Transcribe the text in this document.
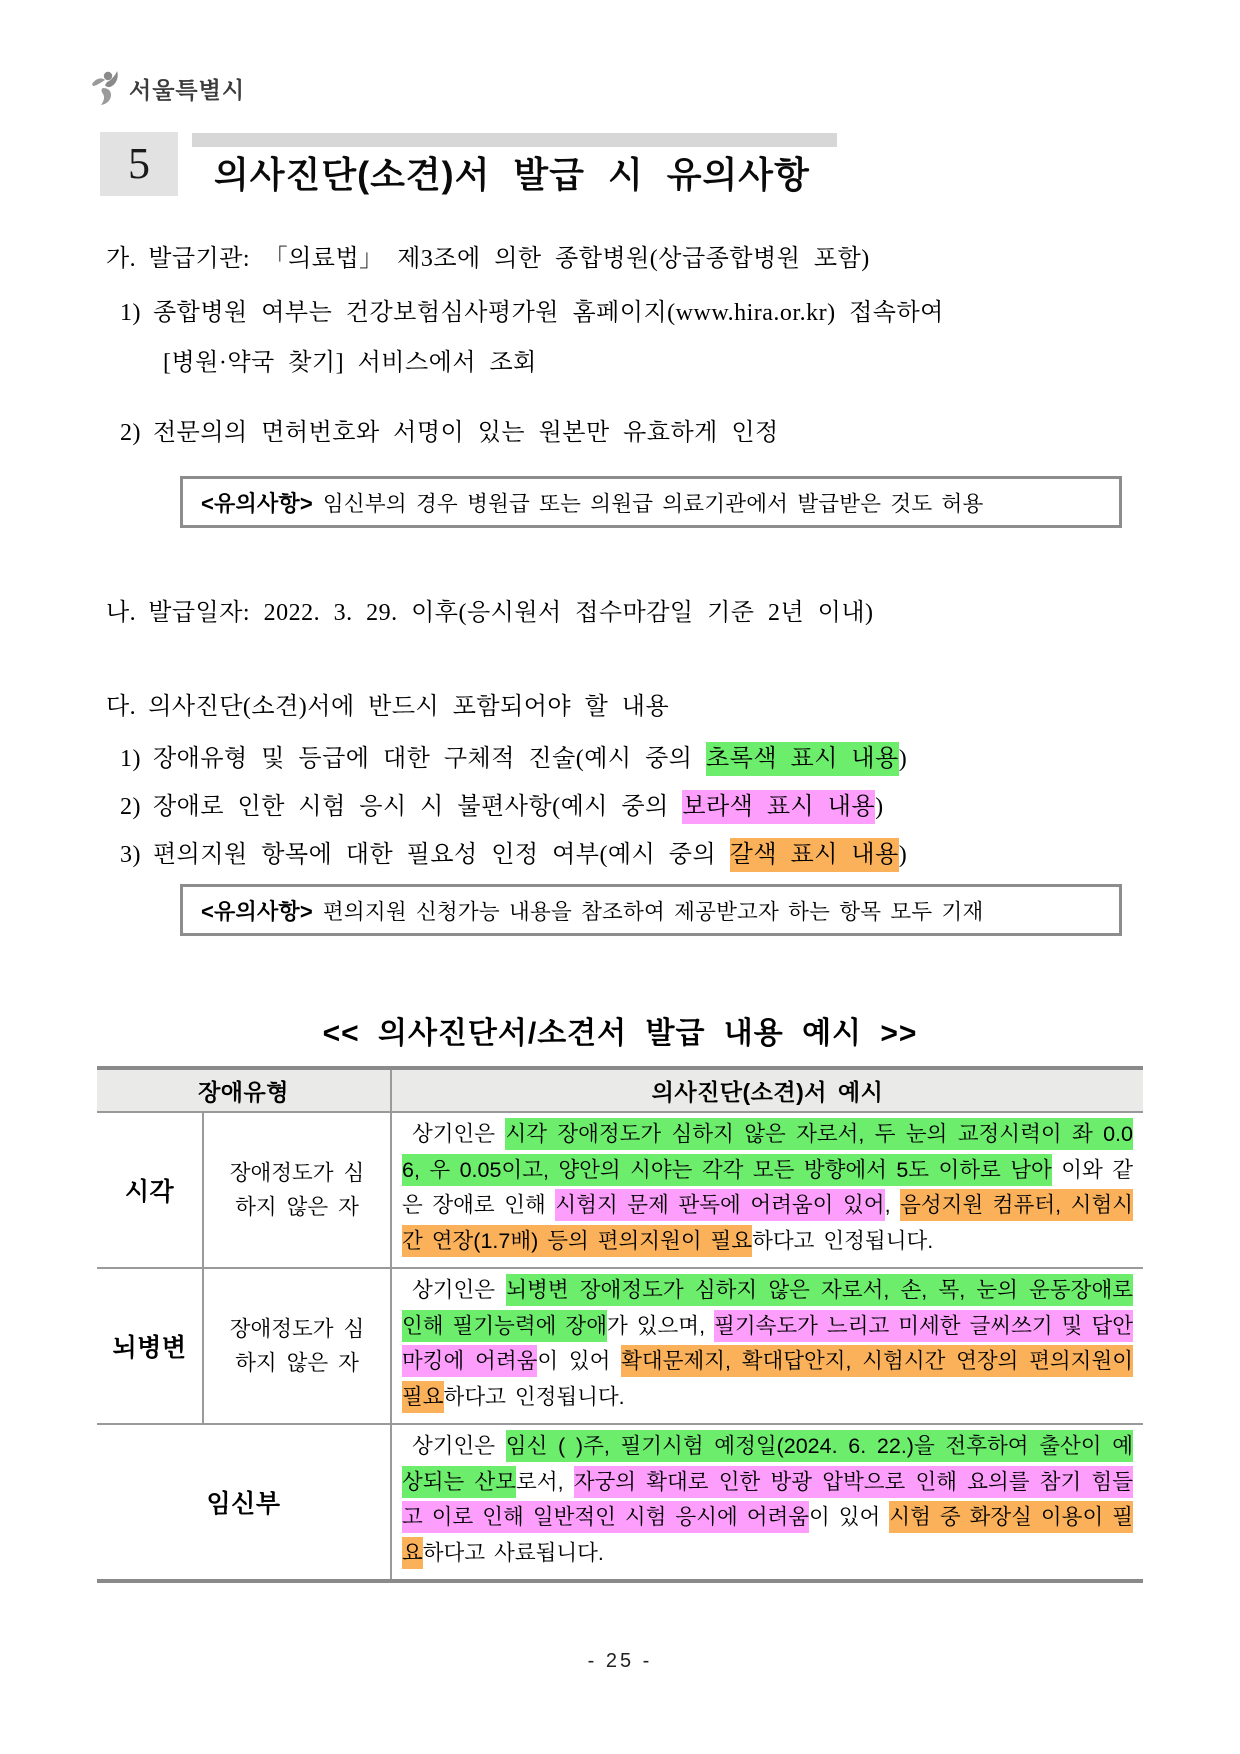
서울특별시
5	의사진단(소견)서 발급 시 유의사항
가. 발급기관: 「의료법」 제3조에 의한 종합병원(상급종합병원 포함)
1) 종합병원 여부는 건강보험심사평가원 홈페이지(www.hira.or.kr) 접속하여
[병원·약국 찾기] 서비스에서 조회
2) 전문의의 면허번호와 서명이 있는 원본만 유효하게 인정
<유의사항> 임신부의 경우 병원급 또는 의원급 의료기관에서 발급받은 것도 허용
나. 발급일자: 2022. 3. 29. 이후(응시원서 접수마감일 기준 2년 이내)
다. 의사진단(소견)서에 반드시 포함되어야 할 내용
1) 장애유형 및 등급에 대한 구체적 진술(예시 중의 초록색 표시 내용)
2) 장애로 인한 시험 응시 시 불편사항(예시 중의 보라색 표시 내용)
3) 편의지원 항목에 대한 필요성 인정 여부(예시 중의 갈색 표시 내용)
<유의사항> 편의지원 신청가능 내용을 참조하여 제공받고자 하는 항목 모두 기재
<< 의사진단서/소견서 발급 내용 예시 >>
장애유형		의사진단(소견)서 예시
시각	장애정도가 심하지 않은 자	상기인은 시각 장애정도가 심하지 않은 자로서, 두 눈의 교정시력이 좌 0.06, 우 0.05이고, 양안의 시야는 각각 모든 방향에서 5도 이하로 남아 이와 같은 장애로 인해 시험지 문제 판독에 어려움이 있어, 음성지원 컴퓨터, 시험시간 연장(1.7배) 등의 편의지원이 필요하다고 인정됩니다.
뇌병변	장애정도가 심하지 않은 자	상기인은 뇌병변 장애정도가 심하지 않은 자로서, 손, 목, 눈의 운동장애로 인해 필기능력에 장애가 있으며, 필기속도가 느리고 미세한 글씨쓰기 및 답안마킹에 어려움이 있어 확대문제지, 확대답안지, 시험시간 연장의 편의지원이 필요하다고 인정됩니다.
임신부		상기인은 임신 ( )주, 필기시험 예정일(2024. 6. 22.)을 전후하여 출산이 예상되는 산모로서, 자궁의 확대로 인한 방광 압박으로 인해 요의를 참기 힘들고 이로 인해 일반적인 시험 응시에 어려움이 있어 시험 중 화장실 이용이 필요하다고 사료됩니다.
- 25 -
